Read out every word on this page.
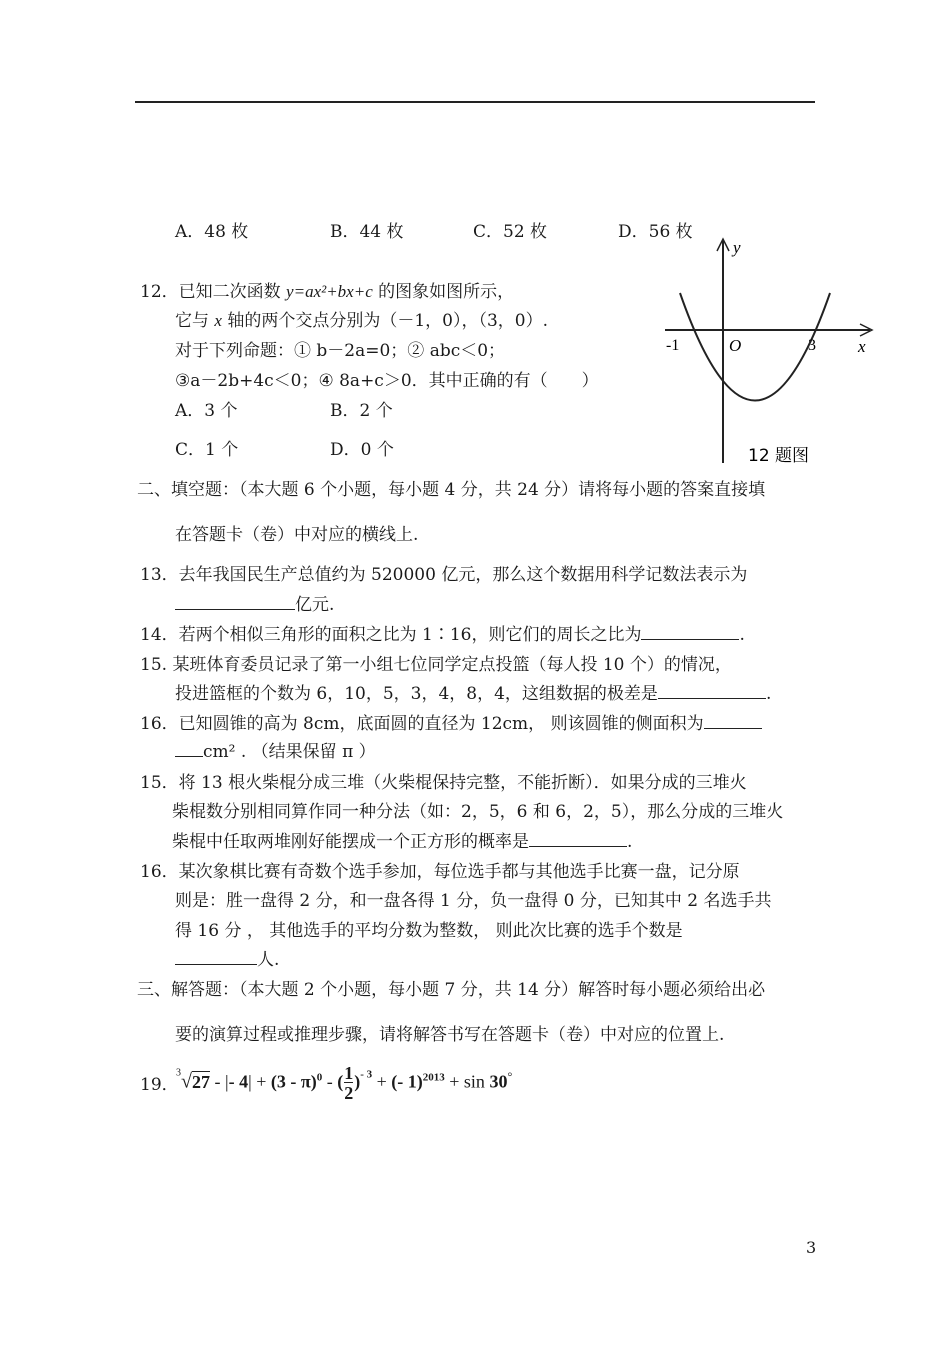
A．48 枚	B．44 枚	C．52 枚	D．56 枚
12．已知二次函数 y=ax²+bx+c 的图象如图所示，
它与 x 轴的两个交点分别为（－1，0），（3，0）.
对于下列命题：① b－2a=0；② abc＜0；
③a－2b+4c＜0；④ 8a+c＞0．其中正确的有（　　）
A．3 个	B．2 个
C．1 个	D．0 个
y
x
O
-1	3
12 题图
二、填空题：（本大题 6 个小题，每小题 4 分，共 24 分）请将每小题的答案直接填
在答题卡（卷）中对应的横线上.
13．去年我国民生产总值约为 520000 亿元，那么这个数据用科学记数法表示为
亿元.
14．若两个相似三角形的面积之比为 1∶16，则它们的周长之比为	.
15. 某班体育委员记录了第一小组七位同学定点投篮（每人投 10 个）的情况，
投进篮框的个数为 6，10，5，3，4，8，4，这组数据的极差是	.
16．已知圆锥的高为 8cm，底面圆的直径为 12cm， 则该圆锥的侧面积为
cm² . （结果保留 π ）
15．将 13 根火柴棍分成三堆（火柴棍保持完整，不能折断）．如果分成的三堆火
柴棍数分别相同算作同一种分法（如：2，5，6 和 6，2，5），那么分成的三堆火
柴棍中任取两堆刚好能摆成一个正方形的概率是	.
16．某次象棋比赛有奇数个选手参加，每位选手都与其他选手比赛一盘，记分原
则是：胜一盘得 2 分，和一盘各得 1 分，负一盘得 0 分，已知其中 2 名选手共
得 16 分 ， 其他选手的平均分数为整数， 则此次比赛的选手个数是
人.
三、解答题：（本大题 2 个小题，每小题 7 分，共 14 分）解答时每小题必须给出必
要的演算过程或推理步骤，请将解答书写在答题卡（卷）中对应的位置上.
19．
$^3$√27 - |- 4| + (3 - π)$^0$ - ( $\frac{1}{2} )^{- 3}$ + (- 1)$^{2013}$ + sin 30°
3
